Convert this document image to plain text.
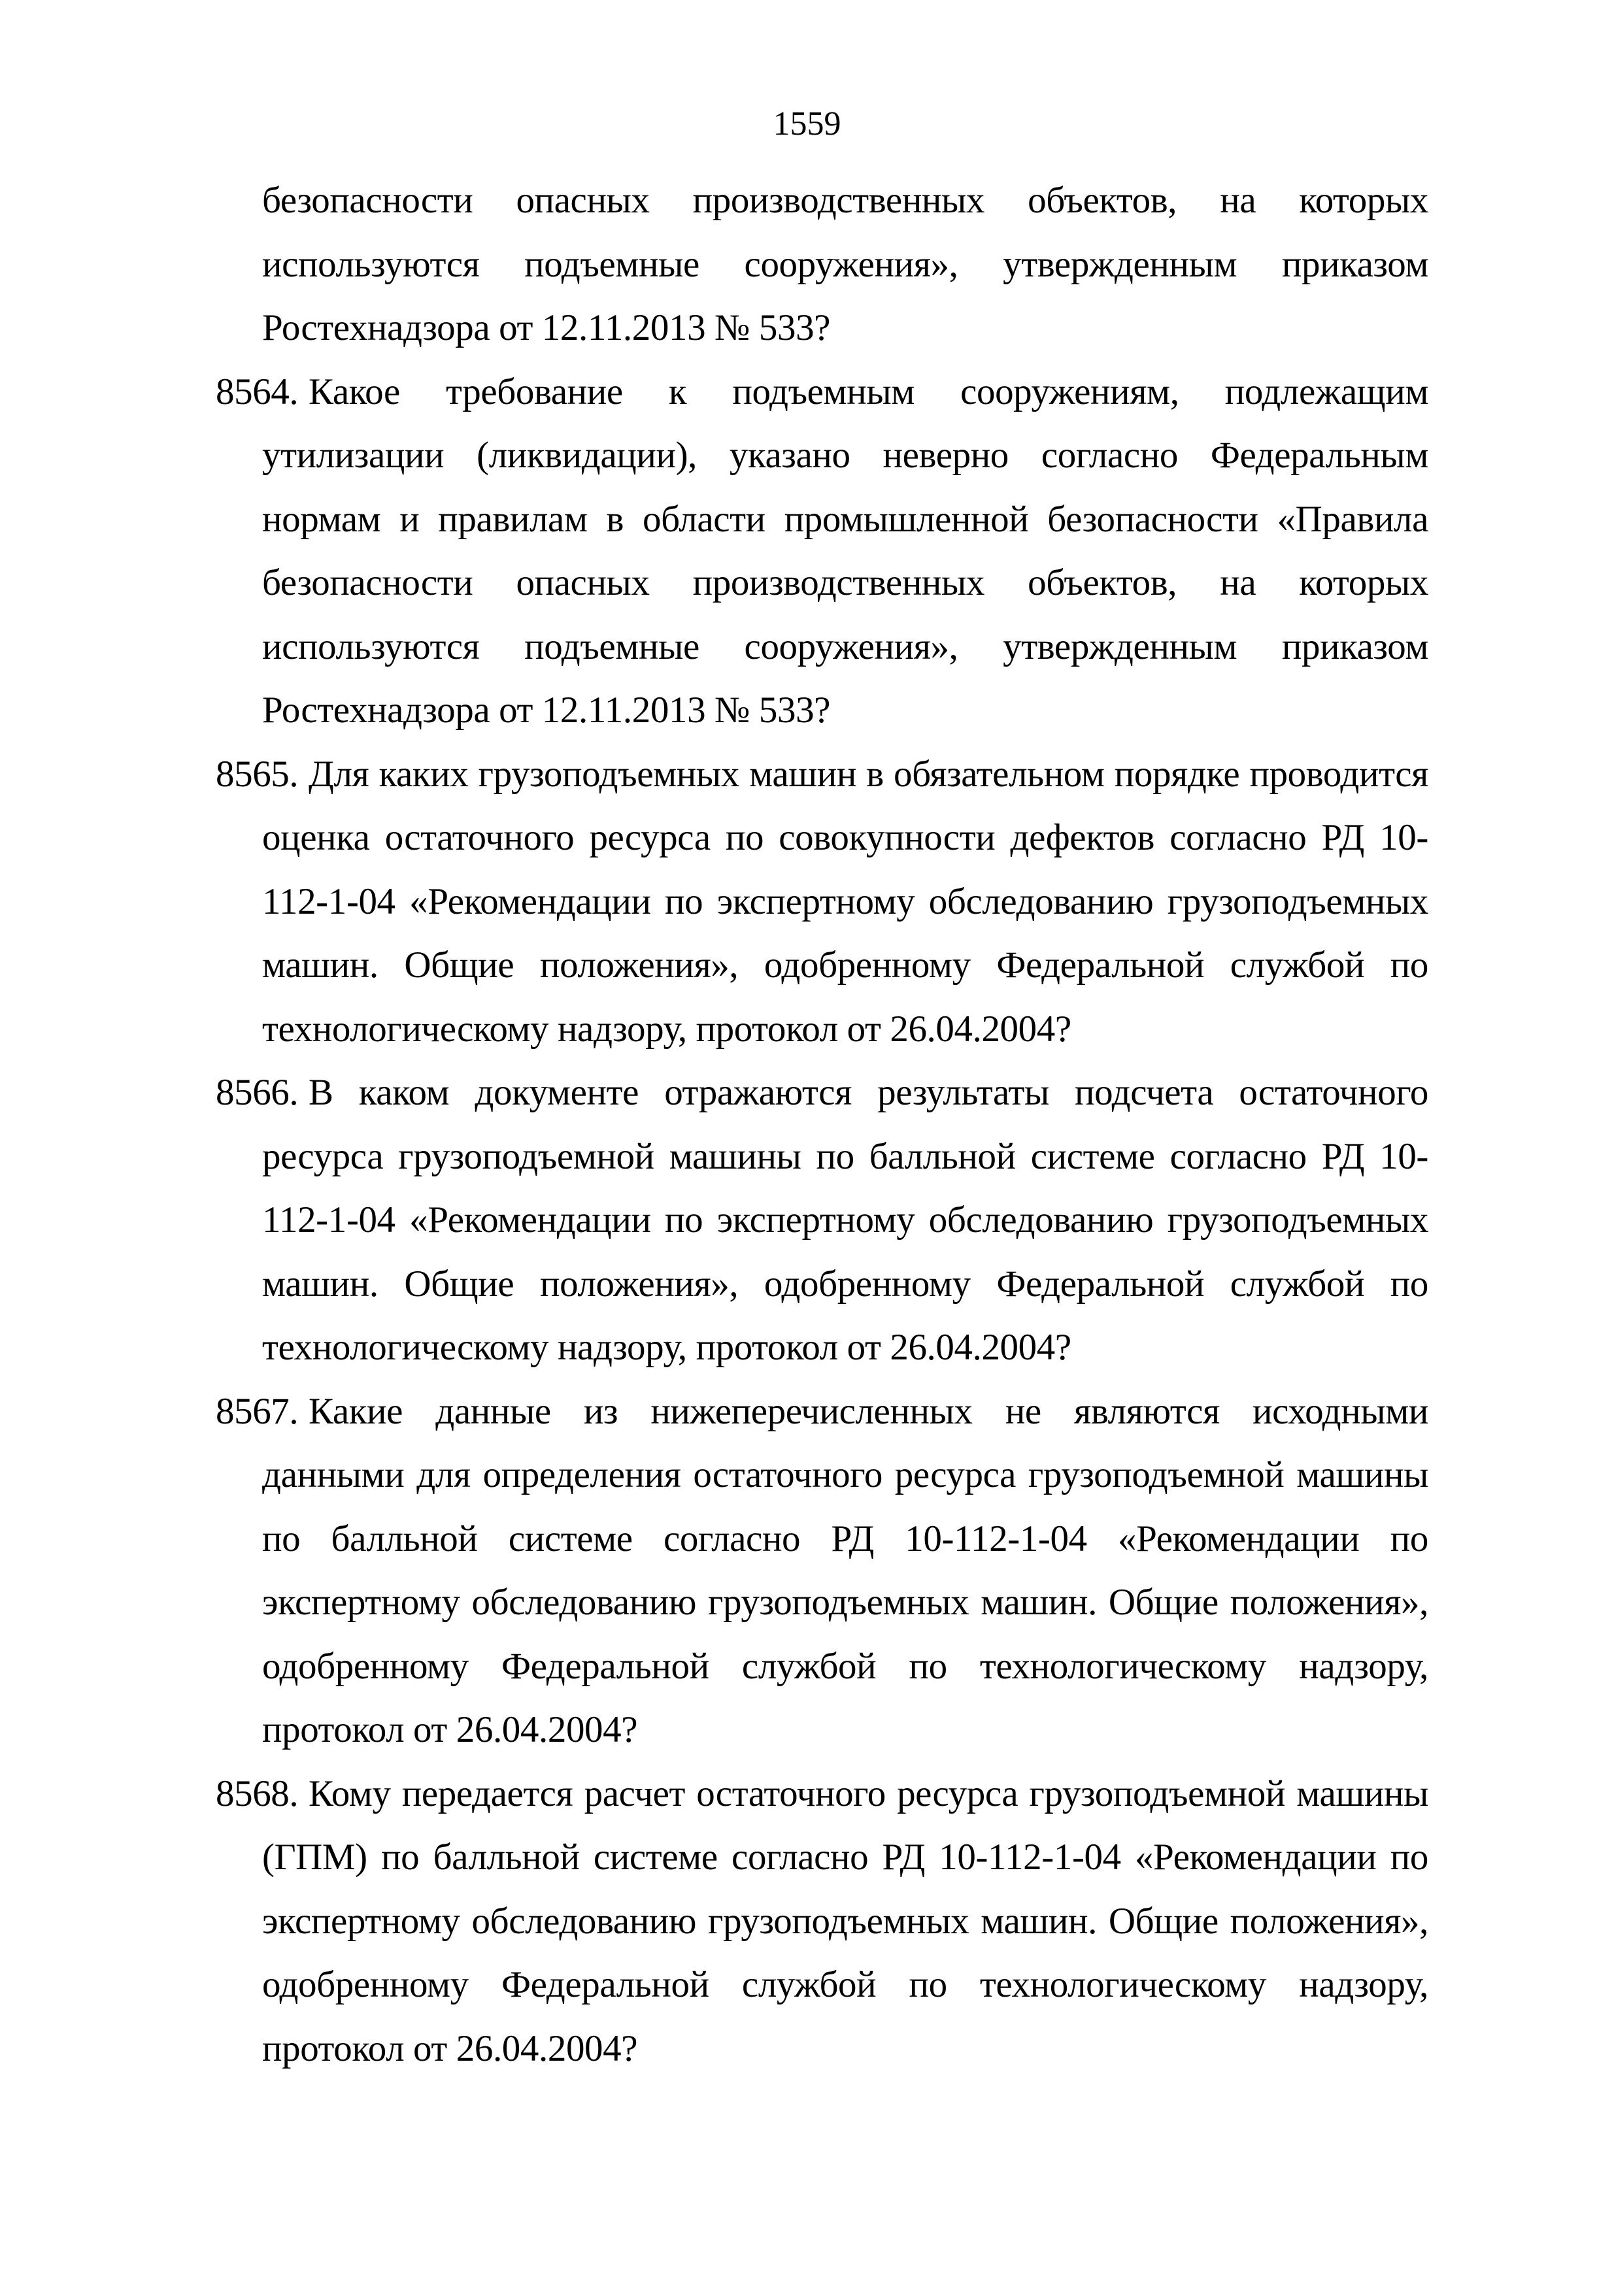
1559

безопасности опасных производственных объектов, на которых используются подъемные сооружения», утвержденным приказом Ростехнадзора от 12.11.2013 № 533?

8564. Какое требование к подъемным сооружениям, подлежащим утилизации (ликвидации), указано неверно согласно Федеральным нормам и правилам в области промышленной безопасности «Правила безопасности опасных производственных объектов, на которых используются подъемные сооружения», утвержденным приказом Ростехнадзора от 12.11.2013 № 533?

8565. Для каких грузоподъемных машин в обязательном порядке проводится оценка остаточного ресурса по совокупности дефектов согласно РД 10-112-1-04 «Рекомендации по экспертному обследованию грузоподъемных машин. Общие положения», одобренному Федеральной службой по технологическому надзору, протокол от 26.04.2004?

8566. В каком документе отражаются результаты подсчета остаточного ресурса грузоподъемной машины по балльной системе согласно РД 10-112-1-04 «Рекомендации по экспертному обследованию грузоподъемных машин. Общие положения», одобренному Федеральной службой по технологическому надзору, протокол от 26.04.2004?

8567. Какие данные из нижеперечисленных не являются исходными данными для определения остаточного ресурса грузоподъемной машины по балльной системе согласно РД 10-112-1-04 «Рекомендации по экспертному обследованию грузоподъемных машин. Общие положения», одобренному Федеральной службой по технологическому надзору, протокол от 26.04.2004?

8568. Кому передается расчет остаточного ресурса грузоподъемной машины (ГПМ) по балльной системе согласно РД 10-112-1-04 «Рекомендации по экспертному обследованию грузоподъемных машин. Общие положения», одобренному Федеральной службой по технологическому надзору, протокол от 26.04.2004?
